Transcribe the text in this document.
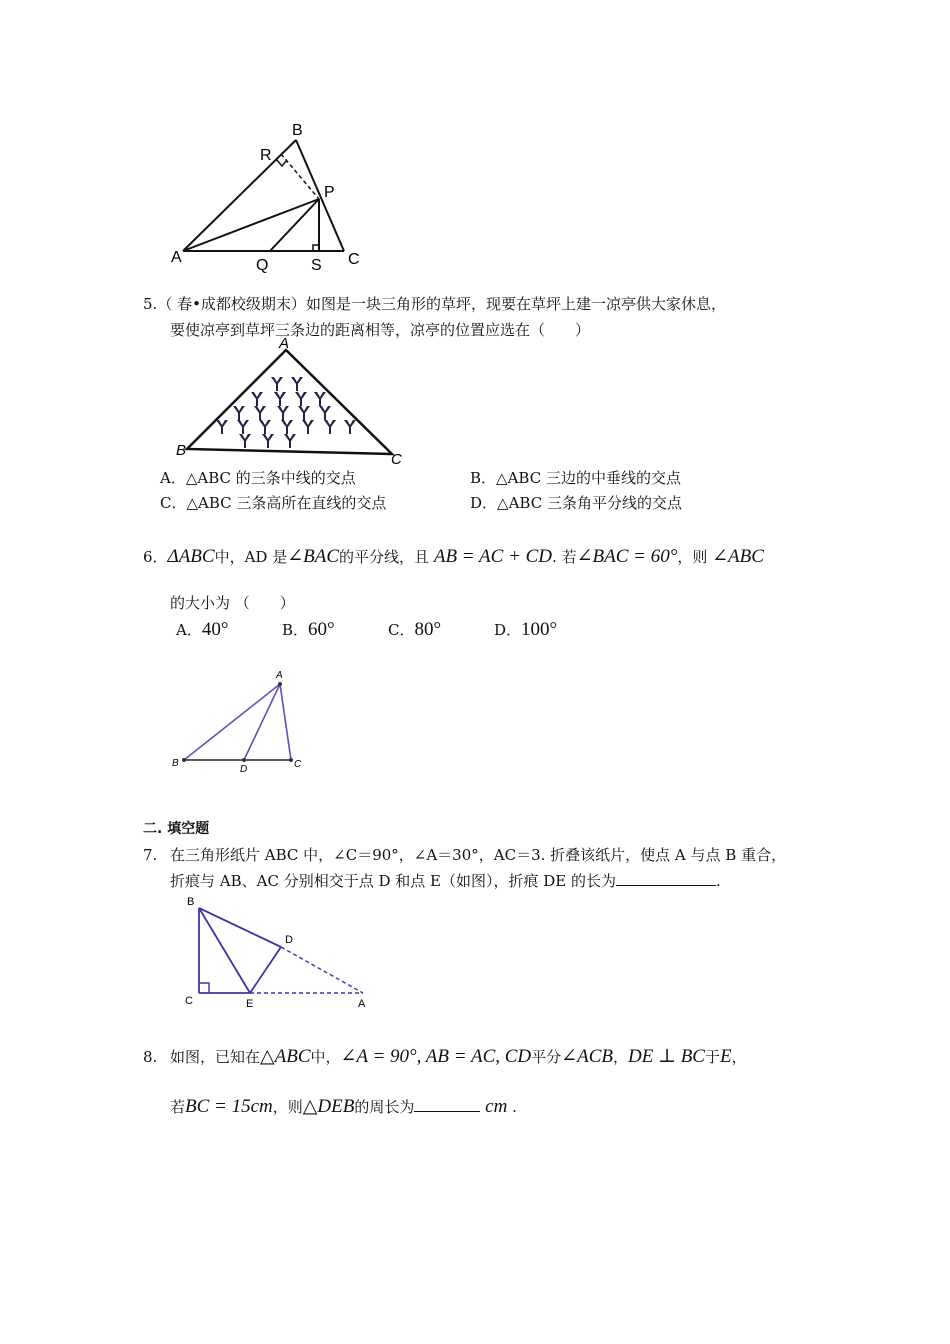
A
B
C
P
Q
R
S
5.（ 春•成都校级期末）如图是一块三角形的草坪，现要在草坪上建一凉亭供大家休息，
要使凉亭到草坪三条边的距离相等，凉亭的位置应选在（　　）
A
B
C
A．△ABC 的三条中线的交点	B．△ABC 三边的中垂线的交点
C．△ABC 三条高所在直线的交点	D．△ABC 三条角平分线的交点
6．ΔABC中，AD 是∠BAC的平分线，且 AB = AC + CD. 若∠BAC = 60°，则 ∠ABC
的大小为 （　　）
A．40°	B．60°	C．80°	D．100°
A
B
D	C
二. 填空题
7. 在三角形纸片 ABC 中，∠C＝90°，∠A＝30°，AC＝3. 折叠该纸片，使点 A 与点 B 重合，
折痕与 AB、AC 分别相交于点 D 和点 E（如图），折痕 DE 的长为	.
B
C	E
D
A
8. 如图，已知在△ABC中，∠A = 90°, AB = AC, CD平分∠ACB，DE ⊥ BC于E，
若BC = 15cm，则△DEB的周长为	cm .
